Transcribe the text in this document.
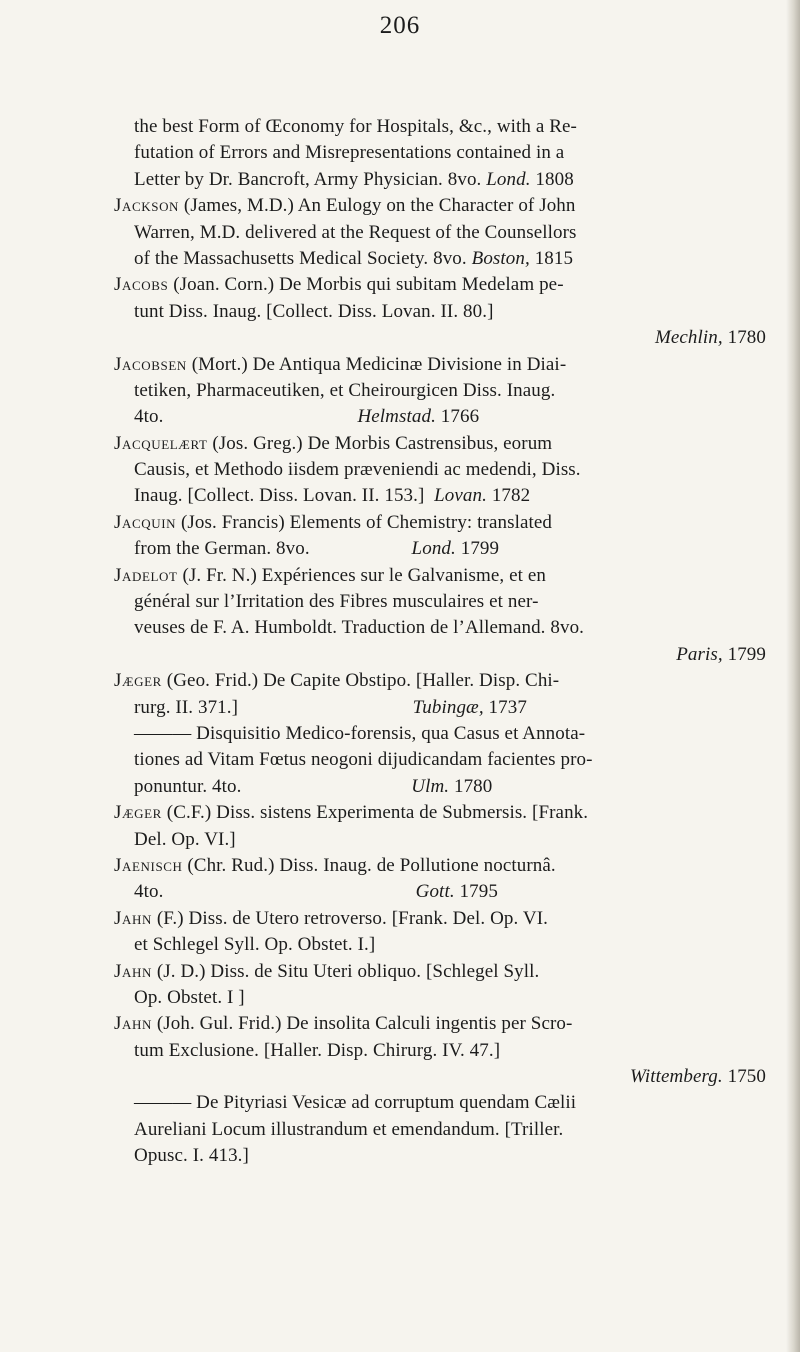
206
the best Form of Œconomy for Hospitals, &c., with a Re-
futation of Errors and Misrepresentations contained in a
Letter by Dr. Bancroft, Army Physician. 8vo. Lond. 1808
Jackson (James, M.D.) An Eulogy on the Character of John
Warren, M.D. delivered at the Request of the Counsellors
of the Massachusetts Medical Society. 8vo. Boston, 1815
Jacobs (Joan. Corn.) De Morbis qui subitam Medelam pe-
tunt Diss. Inaug. [Collect. Diss. Lovan. II. 80.]
Mechlin, 1780
Jacobsen (Mort.) De Antiqua Medicinæ Divisione in Diai-
tetiken, Pharmaceutiken, et Cheirourgicen Diss. Inaug.
4to.                                        Helmstad. 1766
Jacquelært (Jos. Greg.) De Morbis Castrensibus, eorum
Causis, et Methodo iisdem præveniendi ac medendi, Diss.
Inaug. [Collect. Diss. Lovan. II. 153.]  Lovan. 1782
Jacquin (Jos. Francis) Elements of Chemistry: translated
from the German. 8vo.                     Lond. 1799
Jadelot (J. Fr. N.) Expériences sur le Galvanisme, et en
général sur l’Irritation des Fibres musculaires et ner-
veuses de F. A. Humboldt. Traduction de l’Allemand. 8vo.
Paris, 1799
Jæger (Geo. Frid.) De Capite Obstipo. [Haller. Disp. Chi-
rurg. II. 371.]                                    Tubingæ, 1737
——— Disquisitio Medico-forensis, qua Casus et Annota-
tiones ad Vitam Fœtus neogoni dijudicandam facientes pro-
ponuntur. 4to.                                   Ulm. 1780
Jæger (C.F.) Diss. sistens Experimenta de Submersis. [Frank.
Del. Op. VI.]
Jaenisch (Chr. Rud.) Diss. Inaug. de Pollutione nocturnâ.
4to.                                                    Gott. 1795
Jahn (F.) Diss. de Utero retroverso. [Frank. Del. Op. VI.
et Schlegel Syll. Op. Obstet. I.]
Jahn (J. D.) Diss. de Situ Uteri obliquo. [Schlegel Syll.
Op. Obstet. I ]
Jahn (Joh. Gul. Frid.) De insolita Calculi ingentis per Scro-
tum Exclusione. [Haller. Disp. Chirurg. IV. 47.]
Wittemberg. 1750
——— De Pityriasi Vesicæ ad corruptum quendam Cælii
Aureliani Locum illustrandum et emendandum. [Triller.
Opusc. I. 413.]
